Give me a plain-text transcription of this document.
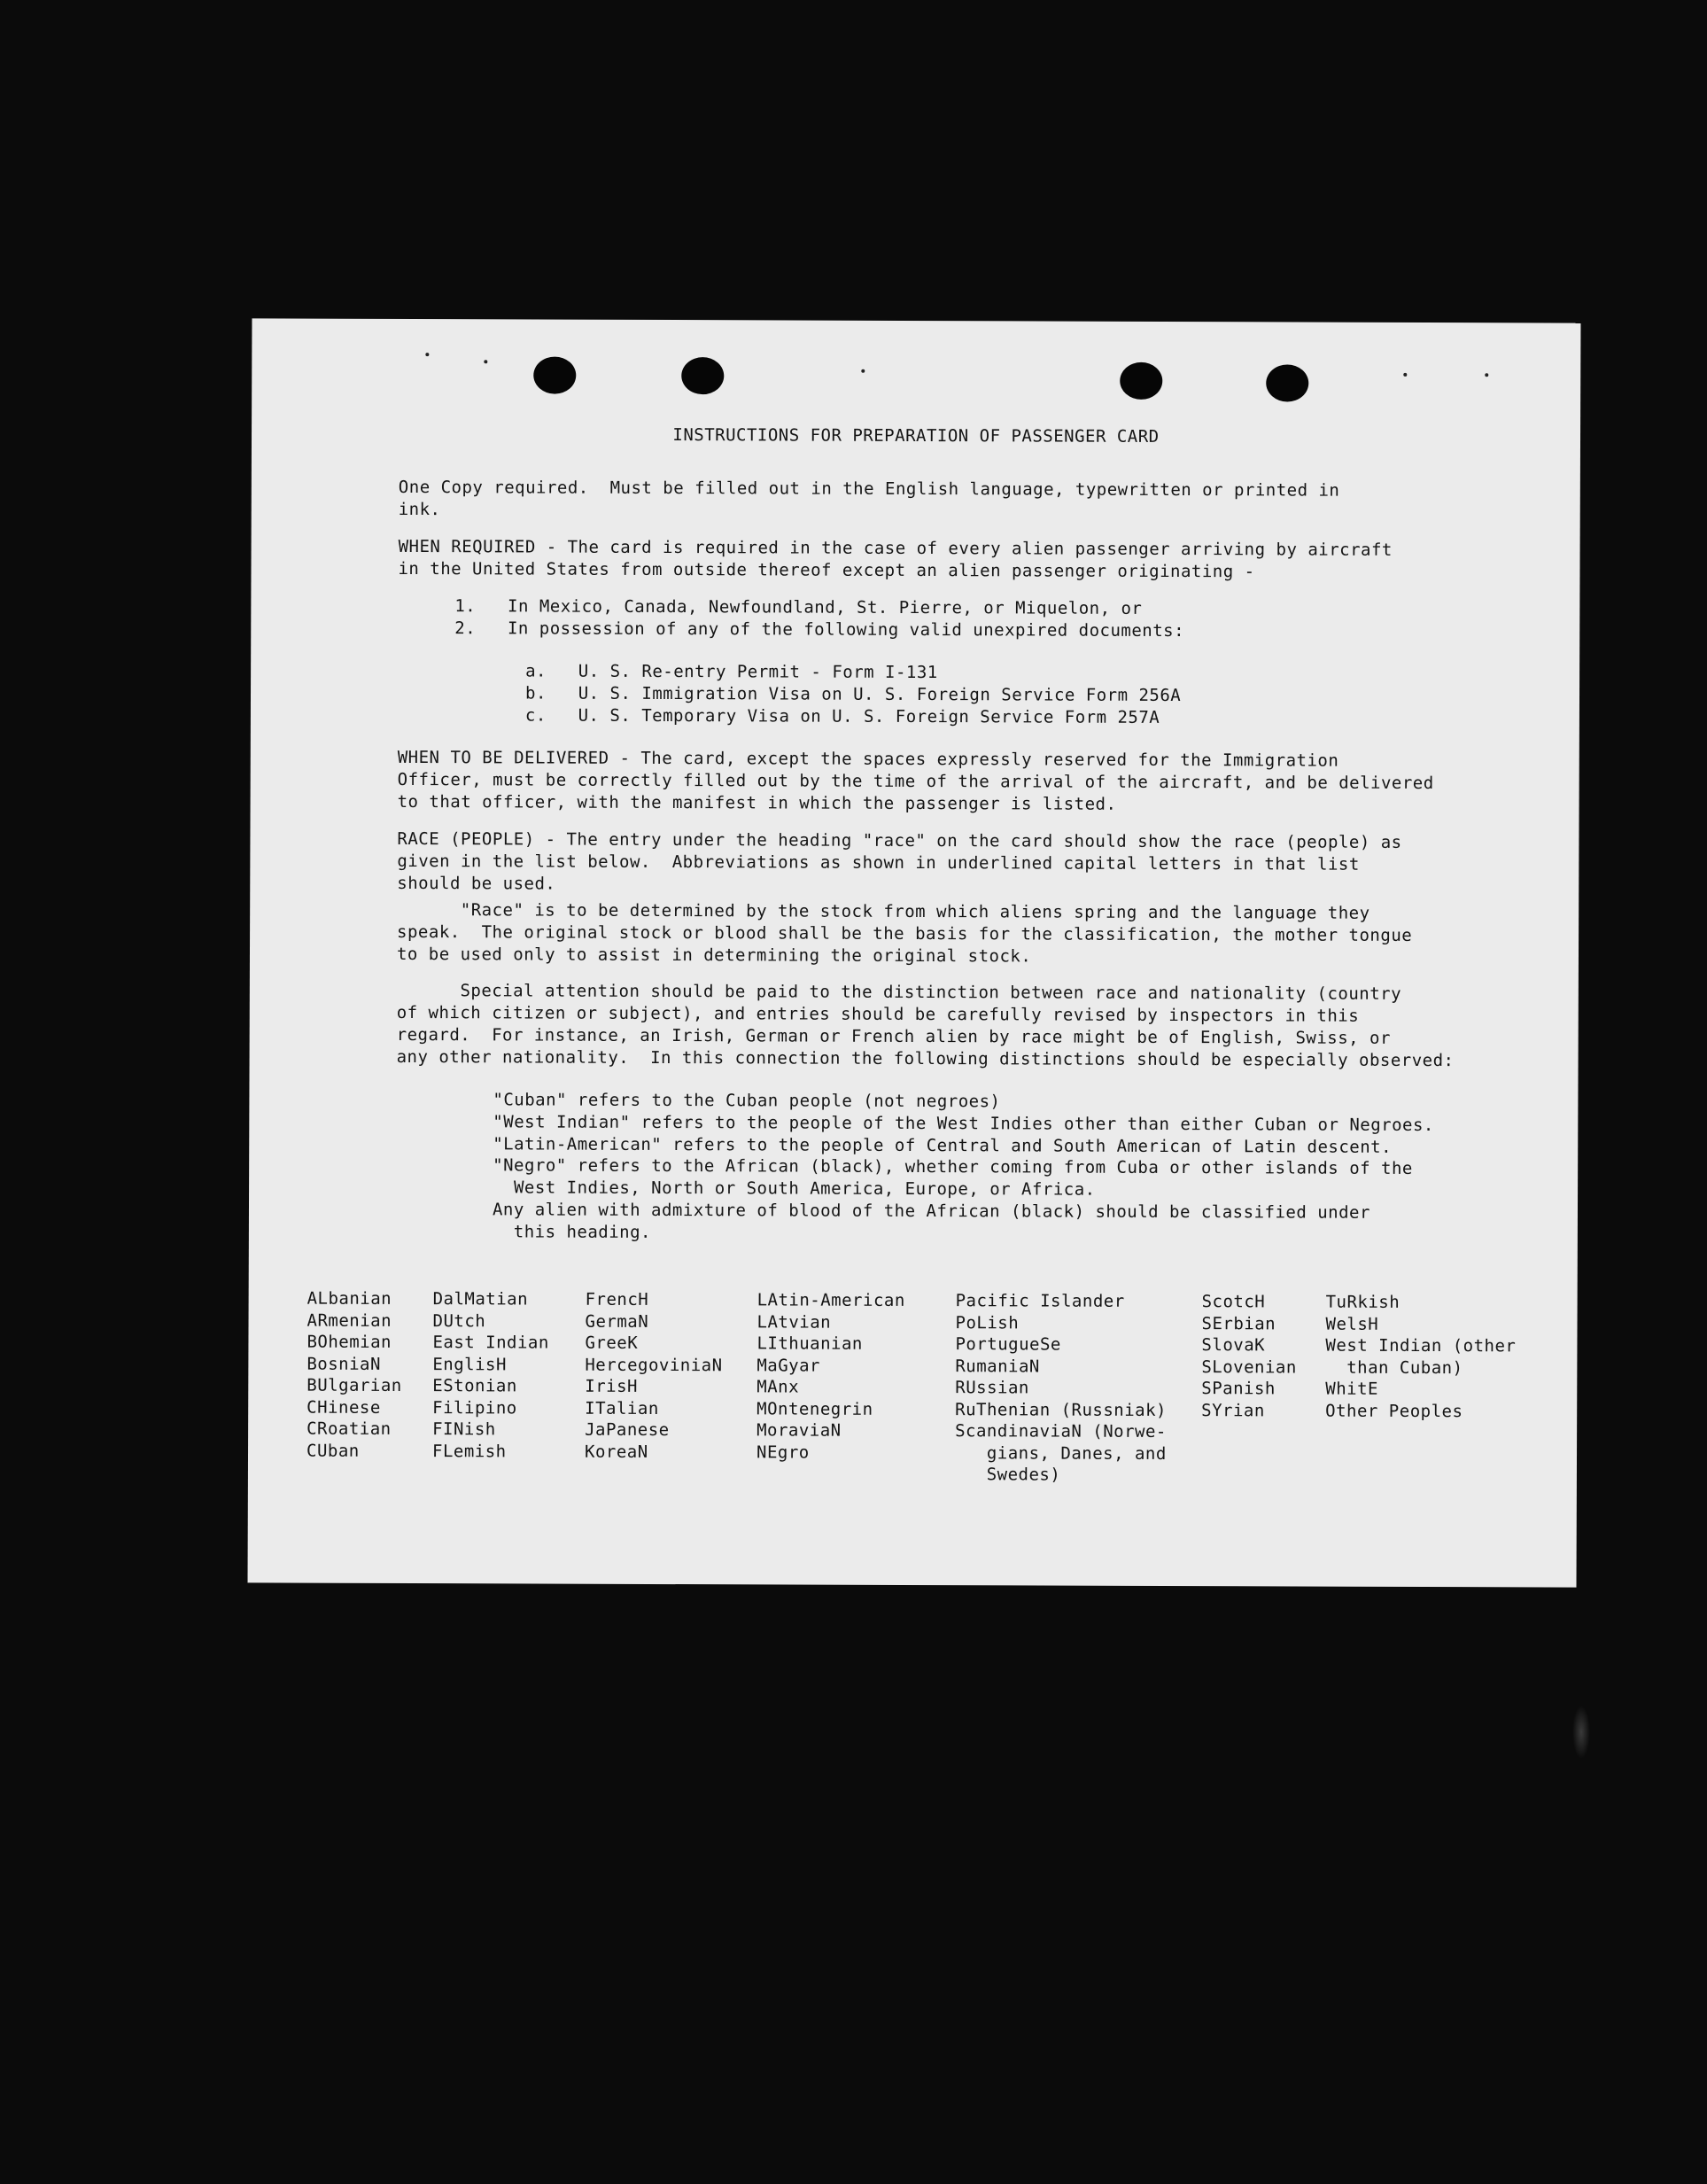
INSTRUCTIONS FOR PREPARATION OF PASSENGER CARD

One Copy required.  Must be filled out in the English language, typewritten or printed in
ink.

WHEN REQUIRED - The card is required in the case of every alien passenger arriving by aircraft
in the United States from outside thereof except an alien passenger originating -

1.   In Mexico, Canada, Newfoundland, St. Pierre, or Miquelon, or

2.   In possession of any of the following valid unexpired documents:

a.   U. S. Re-entry Permit - Form I-131

b.   U. S. Immigration Visa on U. S. Foreign Service Form 256A

c.   U. S. Temporary Visa on U. S. Foreign Service Form 257A

WHEN TO BE DELIVERED - The card, except the spaces expressly reserved for the Immigration
Officer, must be correctly filled out by the time of the arrival of the aircraft, and be delivered
to that officer, with the manifest in which the passenger is listed.

RACE (PEOPLE) - The entry under the heading "race" on the card should show the race (people) as
given in the list below.  Abbreviations as shown in underlined capital letters in that list
should be used.

"Race" is to be determined by the stock from which aliens spring and the language they
speak.  The original stock or blood shall be the basis for the classification, the mother tongue
to be used only to assist in determining the original stock.

Special attention should be paid to the distinction between race and nationality (country
of which citizen or subject), and entries should be carefully revised by inspectors in this
regard.  For instance, an Irish, German or French alien by race might be of English, Swiss, or
any other nationality.  In this connection the following distinctions should be especially observed:

"Cuban" refers to the Cuban people (not negroes)

"West Indian" refers to the people of the West Indies other than either Cuban or Negroes.

"Latin-American" refers to the people of Central and South American of Latin descent.

"Negro" refers to the African (black), whether coming from Cuba or other islands of the
West Indies, North or South America, Europe, or Africa.

Any alien with admixture of blood of the African (black) should be classified under
this heading.

ALbanian
ARmenian
BOhemian
BosniaN
BUlgarian
CHinese
CRoatian
CUban
DalMatian
DUtch
East Indian
EnglisH
EStonian
Filipino
FINish
FLemish
FrencH
GermaN
GreeK
HercegoviniaN
IrisH
ITalian
JaPanese
KoreaN
LAtin-American
LAtvian
LIthuanian
MaGyar
MAnx
MOntenegrin
MoraviaN
NEgro
Pacific Islander
PoLish
PortugueSe
RumaniaN
RUssian
RuThenian (Russniak)
ScandinaviaN (Norwe-
gians, Danes, and
Swedes)
ScotcH
SErbian
SlovaK
SLovenian
SPanish
SYrian
TuRkish
WelsH
West Indian (other
than Cuban)
WhitE
Other Peoples
